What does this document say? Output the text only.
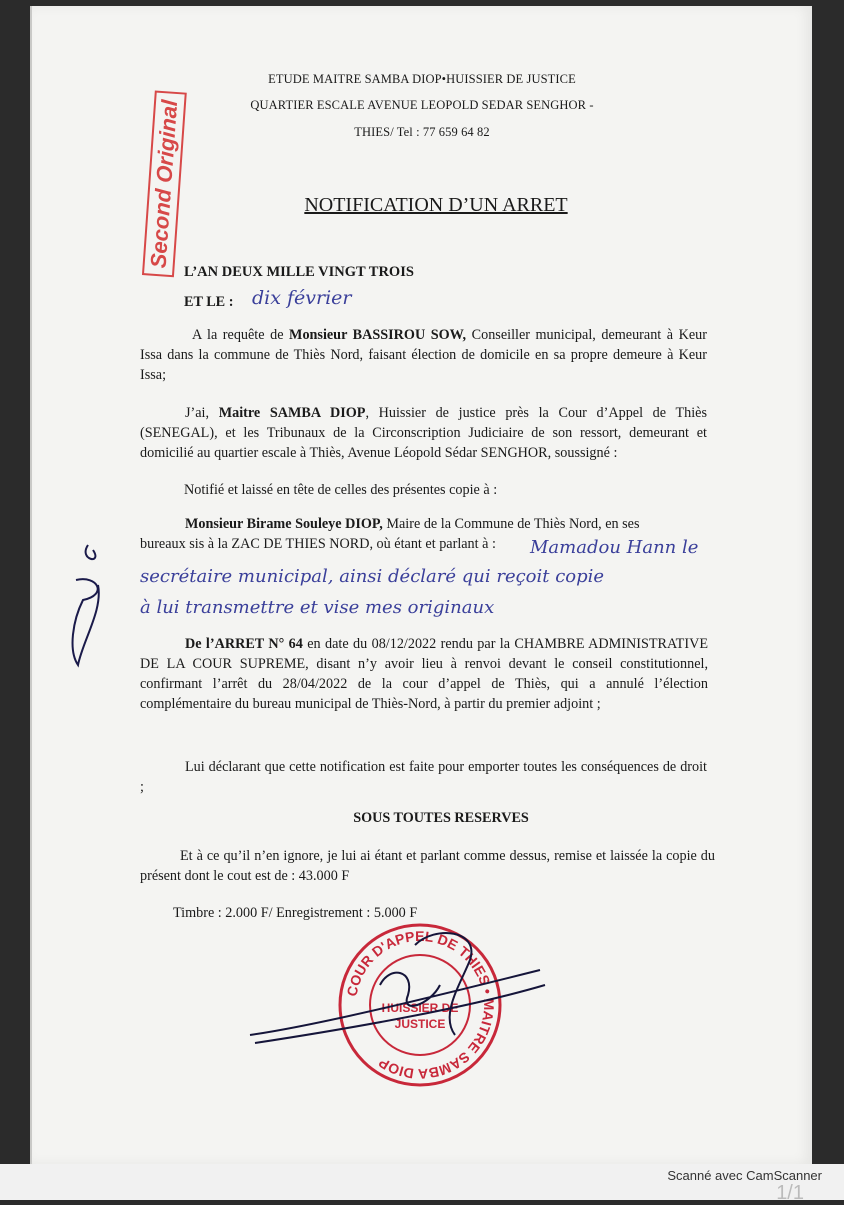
ETUDE MAITRE SAMBA DIOP•HUISSIER DE JUSTICE
QUARTIER ESCALE AVENUE LEOPOLD SEDAR SENGHOR -
THIES/ Tel : 77 659 64 82
Second Original	NOTIFICATION D’UN ARRET
L’AN DEUX MILLE VINGT TROIS
ET LE : dix février
A la requête de Monsieur BASSIROU SOW, Conseiller municipal, demeurant à Keur Issa dans la commune de Thiès Nord, faisant élection de domicile en sa propre demeure à Keur Issa;
J’ai, Maitre SAMBA DIOP, Huissier de justice près la Cour d’Appel de Thiès (SENEGAL), et les Tribunaux de la Circonscription Judiciaire de son ressort, demeurant et domicilié au quartier escale à Thiès, Avenue Léopold Sédar SENGHOR, soussigné :
Notifié et laissé en tête de celles des présentes copie à :
Monsieur Birame Souleye DIOP, Maire de la Commune de Thiès Nord, en ses
bureaux sis à la ZAC DE THIES NORD, où étant et parlant à :	Mamadou Hann le
secrétaire municipal, ainsi déclaré qui reçoit copie
à lui transmettre et vise mes originaux
De l’ARRET N° 64 en date du 08/12/2022 rendu par la CHAMBRE ADMINISTRATIVE DE LA COUR SUPREME, disant n’y avoir lieu à renvoi devant le conseil constitutionnel, confirmant l’arrêt du 28/04/2022 de la cour d’appel de Thiès, qui a annulé l’élection complémentaire du bureau municipal de Thiès-Nord, à partir du premier adjoint ;
Lui déclarant que cette notification est faite pour emporter toutes les conséquences de droit ;
SOUS TOUTES RESERVES
Et à ce qu’il n’en ignore, je lui ai étant et parlant comme dessus, remise et laissée la copie du présent dont le cout est de : 43.000 F
Timbre : 2.000 F/ Enregistrement : 5.000 F
COUR D'APPEL DE THIES • MAITRE SAMBA DIOP
HUISSIER DE
JUSTICE
Scanné avec CamScanner
1/1
